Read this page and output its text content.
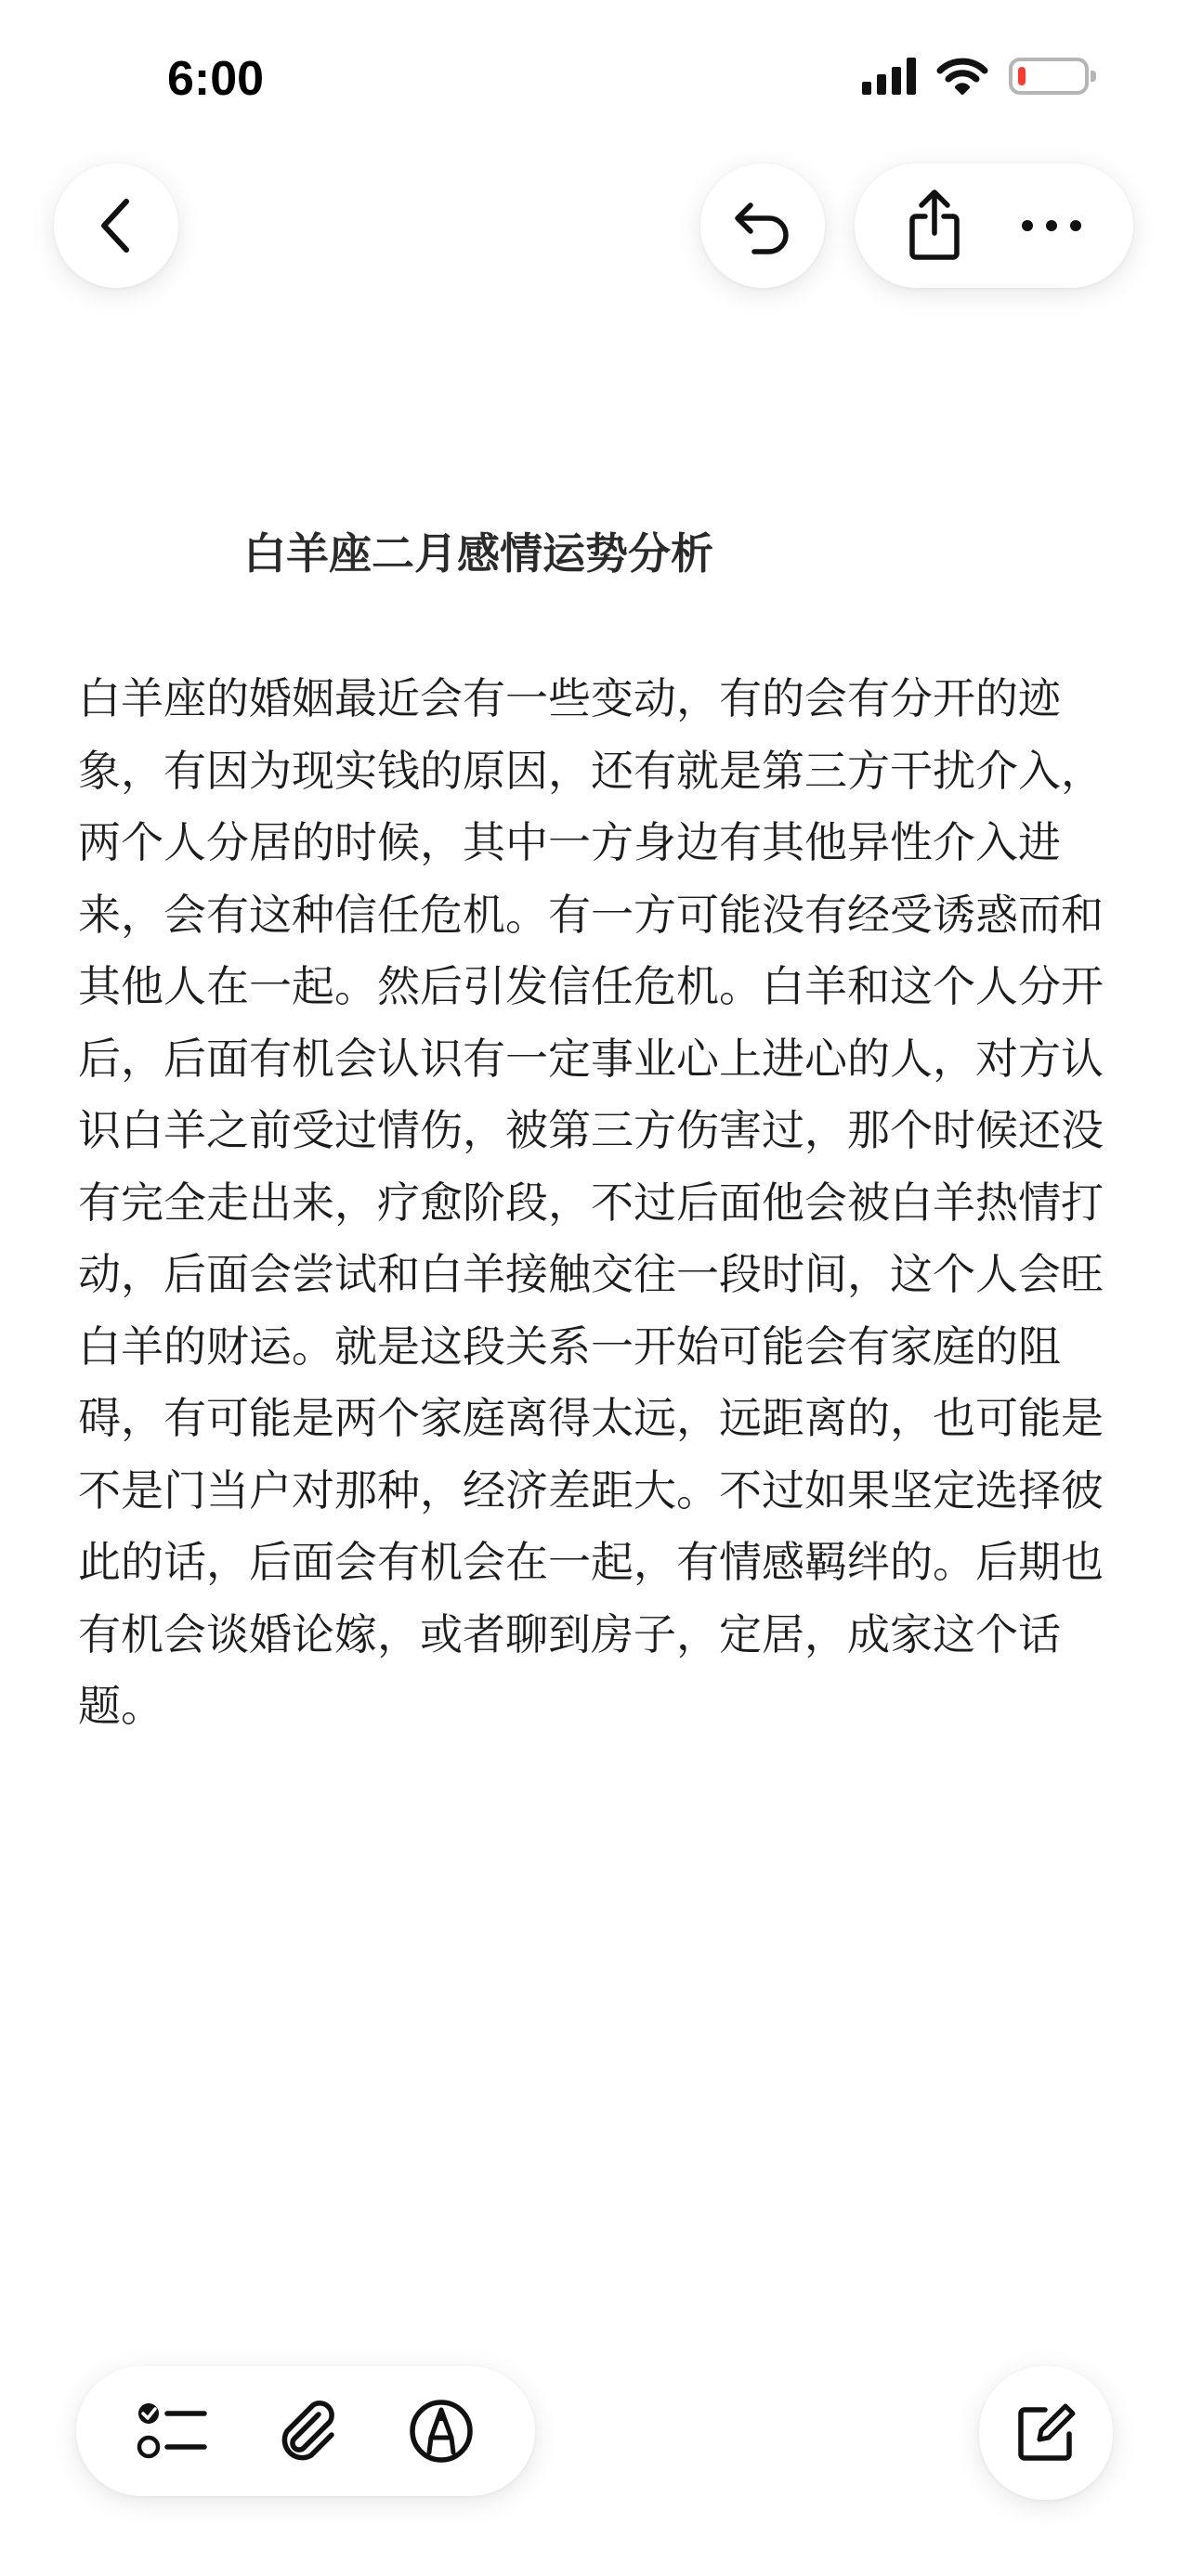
6:00
白羊座二月感情运势分析

白羊座的婚姻最近会有一些变动，有的会有分开的迹象，有因为现实钱的原因，还有就是第三方干扰介入，两个人分居的时候，其中一方身边有其他异性介入进来，会有这种信任危机。有一方可能没有经受诱惑而和其他人在一起。然后引发信任危机。白羊和这个人分开后，后面有机会认识有一定事业心上进心的人，对方认识白羊之前受过情伤，被第三方伤害过，那个时候还没有完全走出来，疗愈阶段，不过后面他会被白羊热情打动，后面会尝试和白羊接触交往一段时间，这个人会旺白羊的财运。就是这段关系一开始可能会有家庭的阻碍，有可能是两个家庭离得太远，远距离的，也可能是不是门当户对那种，经济差距大。不过如果坚定选择彼此的话，后面会有机会在一起，有情感羁绊的。后期也有机会谈婚论嫁，或者聊到房子，定居，成家这个话题。
